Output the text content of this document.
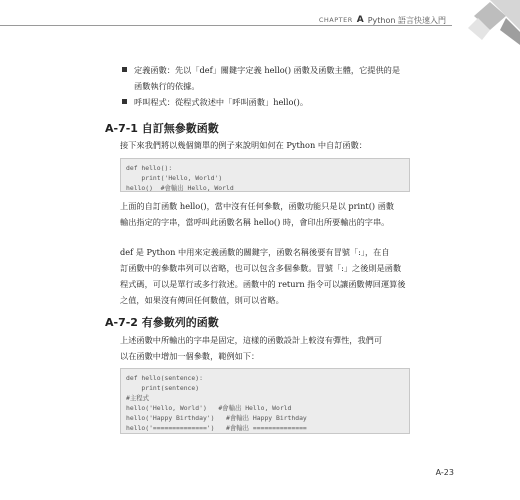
CHAPTER A Python 語言快速入門
定義函數：先以「def」關鍵字定義 hello() 函數及函數主體，它提供的是
函數執行的依據。
呼叫程式：從程式敘述中「呼叫函數」hello()。
A-7-1 自訂無參數函數

接下來我們將以幾個簡單的例子來說明如何在 Python 中自訂函數：

def hello():
print('Hello, World')
hello()  #會輸出 Hello, World

上面的自訂函數 hello()，當中沒有任何參數，函數功能只是以 print() 函數

輸出指定的字串，當呼叫此函數名稱 hello() 時，會印出所要輸出的字串。

def 是 Python 中用來定義函數的關鍵字，函數名稱後要有冒號「:」，在自

訂函數中的參數串列可以省略，也可以包含多個參數。冒號「:」之後則是函數

程式碼，可以是單行或多行敘述。函數中的 return 指令可以讓函數傳回運算後

之值，如果沒有傳回任何數值，則可以省略。

A-7-2 有參數列的函數

上述函數中所輸出的字串是固定，這樣的函數設計上較沒有彈性，我們可

以在函數中增加一個參數，範例如下：

def hello(sentence):
print(sentence)
#主程式
hello('Hello, World')   #會輸出 Hello, World
hello('Happy Birthday')   #會輸出 Happy Birthday
hello('==============')   #會輸出 ==============
A-23
